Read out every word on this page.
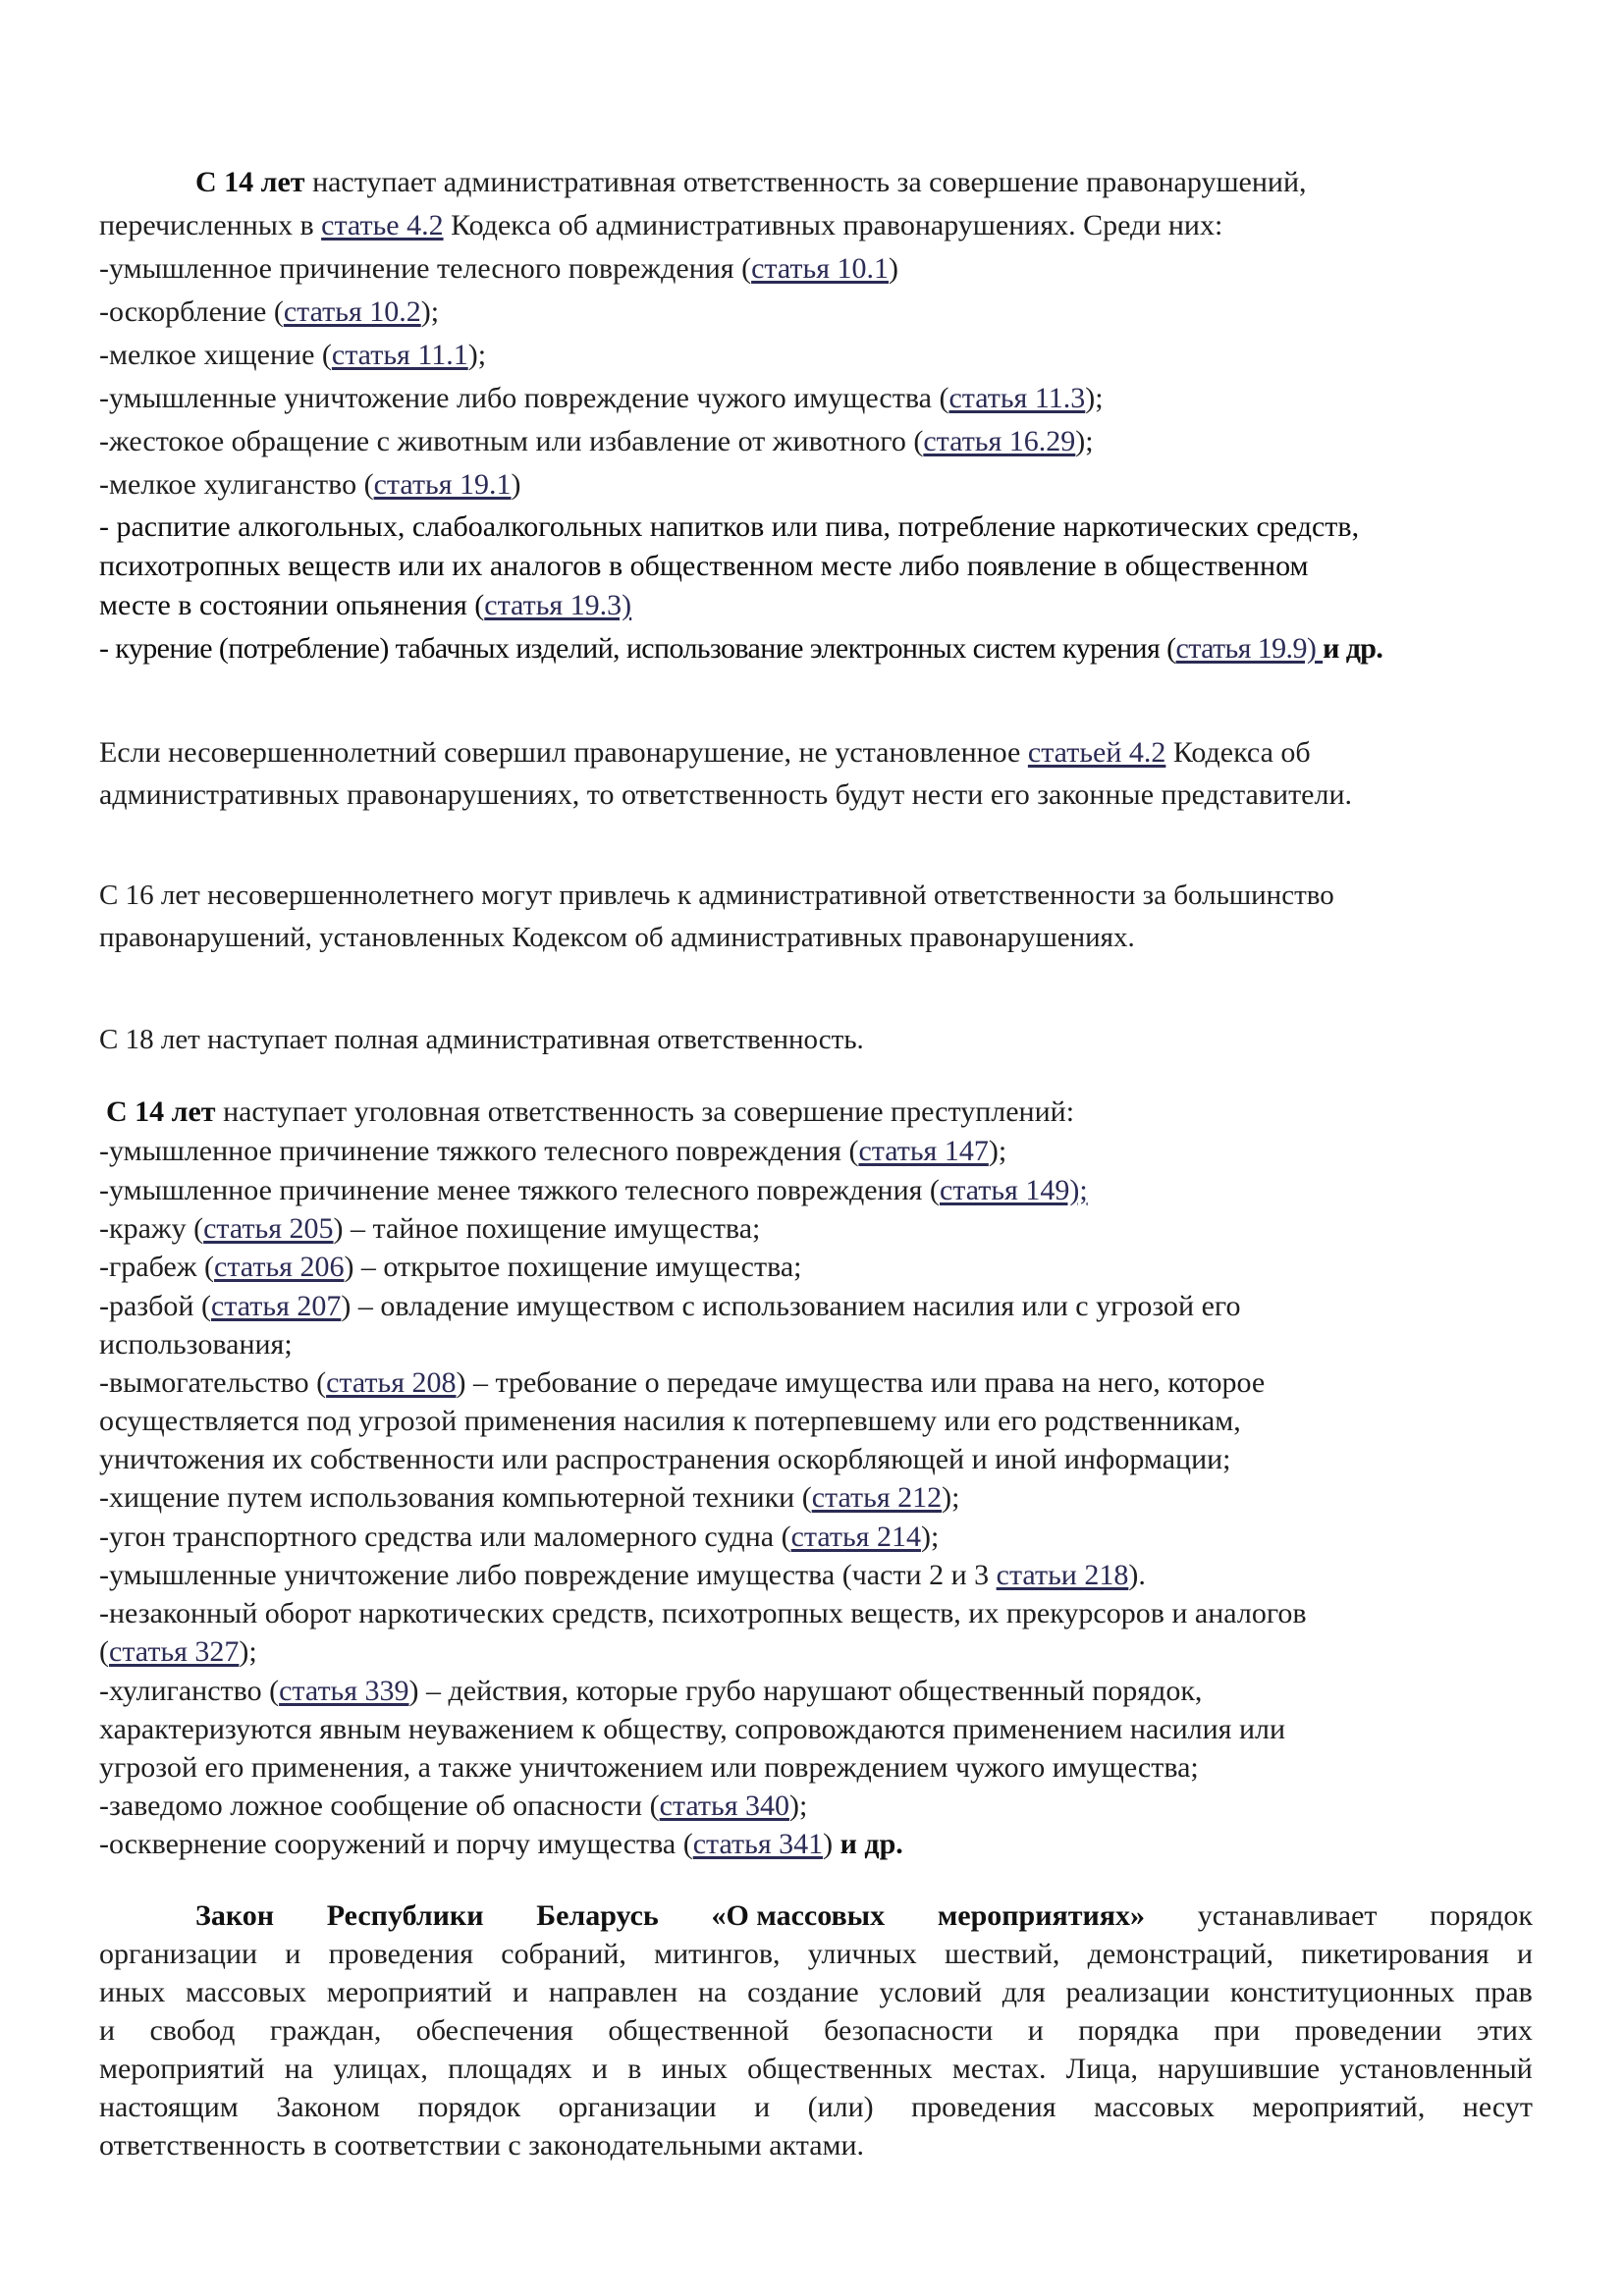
С 14 лет наступает административная ответственность за совершение правонарушений,
перечисленных в статье 4.2 Кодекса об административных правонарушениях. Среди них:
-умышленное причинение телесного повреждения (статья 10.1)
-оскорбление (статья 10.2);
-мелкое хищение (статья 11.1);
-умышленные уничтожение либо повреждение чужого имущества (статья 11.3);
-жестокое обращение с животным или избавление от животного (статья 16.29);
-мелкое хулиганство (статья 19.1)
- распитие алкогольных, слабоалкогольных напитков или пива, потребление наркотических средств,
психотропных веществ или их аналогов в общественном месте либо появление в общественном
месте в состоянии опьянения (статья 19.3)
- курение (потребление) табачных изделий, использование электронных систем курения (статья 19.9) и др.
Если несовершеннолетний совершил правонарушение, не установленное статьей 4.2 Кодекса об
административных правонарушениях, то ответственность будут нести его законные представители.
С 16 лет несовершеннолетнего могут привлечь к административной ответственности за большинство
правонарушений, установленных Кодексом об административных правонарушениях.
С 18 лет наступает полная административная ответственность.
С 14 лет наступает уголовная ответственность за совершение преступлений:
-умышленное причинение тяжкого телесного повреждения (статья 147);
-умышленное причинение менее тяжкого телесного повреждения (статья 149);
-кражу (статья 205) – тайное похищение имущества;
-грабеж (статья 206) – открытое похищение имущества;
-разбой (статья 207) – овладение имуществом с использованием насилия или с угрозой его
использования;
-вымогательство (статья 208) – требование о передаче имущества или права на него, которое
осуществляется под угрозой применения насилия к потерпевшему или его родственникам,
уничтожения их собственности или распространения оскорбляющей и иной информации;
-хищение путем использования компьютерной техники (статья 212);
-угон транспортного средства или маломерного судна (статья 214);
-умышленные уничтожение либо повреждение имущества (части 2 и 3 статьи 218).
-незаконный оборот наркотических средств, психотропных веществ, их прекурсоров и аналогов
(статья 327);
-хулиганство (статья 339) – действия, которые грубо нарушают общественный порядок,
характеризуются явным неуважением к обществу, сопровождаются применением насилия или
угрозой его применения, а также уничтожением или повреждением чужого имущества;
-заведомо ложное сообщение об опасности (статья 340);
-осквернение сооружений и порчу имущества (статья 341) и др.
Закон Республики Беларусь «О массовых мероприятиях» устанавливает порядок
организации и проведения собраний, митингов, уличных шествий, демонстраций, пикетирования и
иных массовых мероприятий и направлен на создание условий для реализации конституционных прав
и свобод граждан, обеспечения общественной безопасности и порядка при проведении этих
мероприятий на улицах, площадях и в иных общественных местах. Лица, нарушившие установленный
настоящим Законом порядок организации и (или) проведения массовых мероприятий, несут
ответственность в соответствии с законодательными актами.
